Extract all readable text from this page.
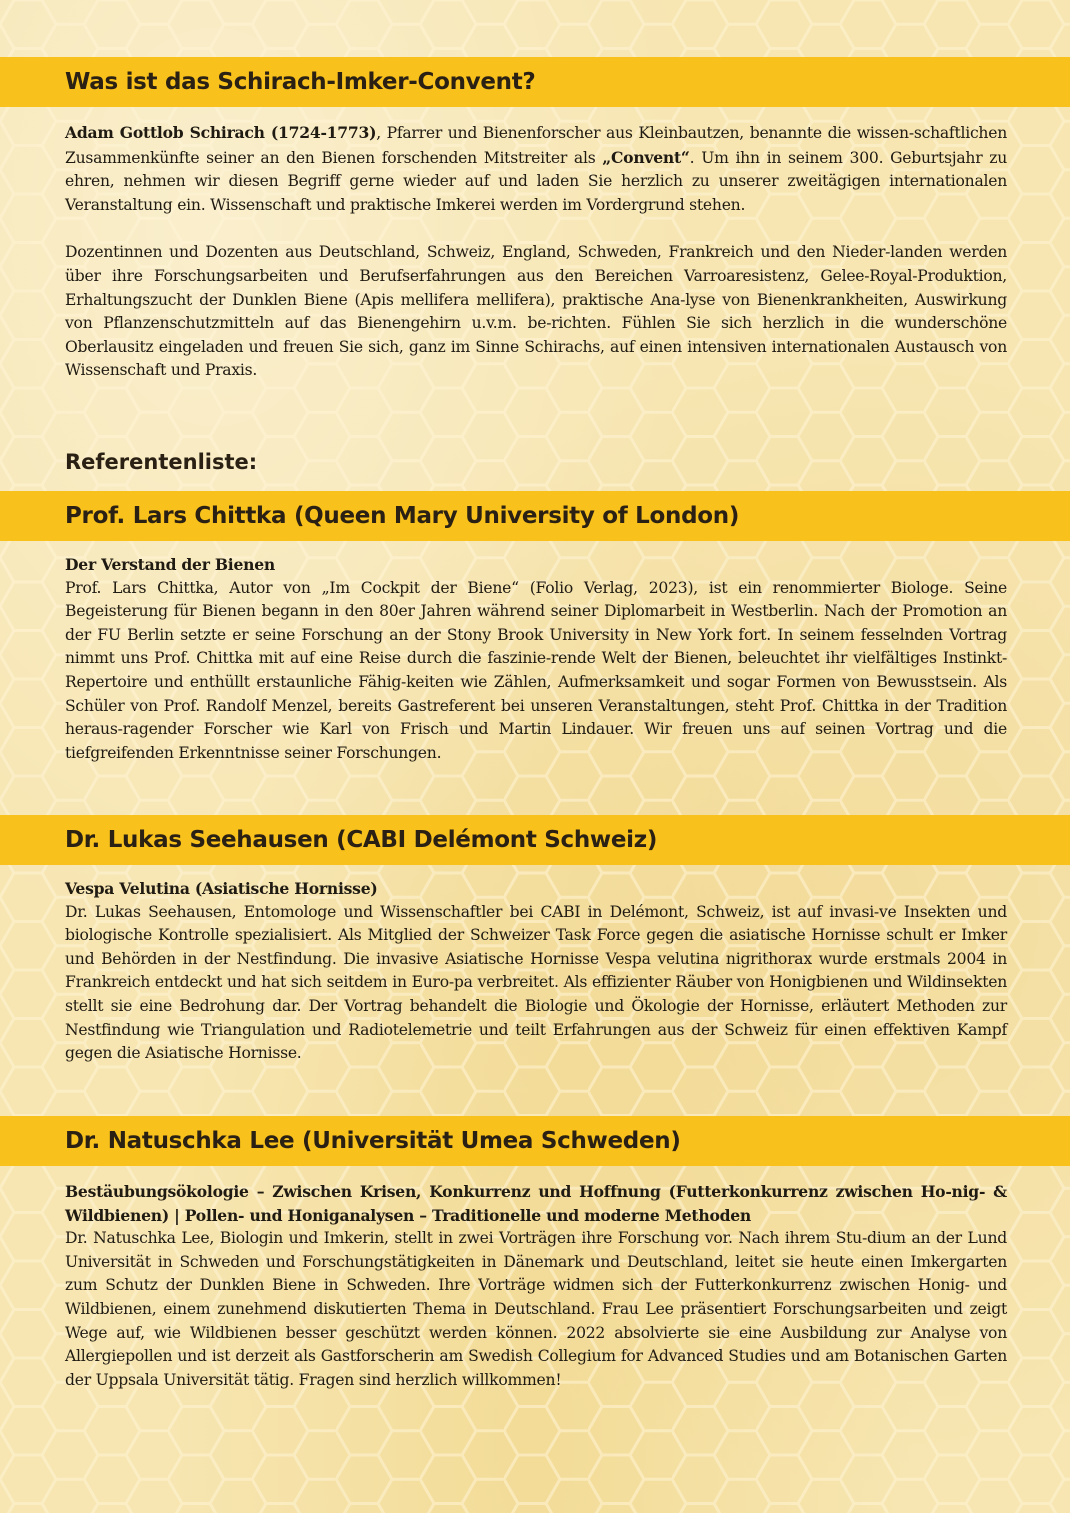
Was ist das Schirach-Imker-Convent?

Adam Gottlob Schirach (1724-1773), Pfarrer und Bienenforscher aus Kleinbautzen, benannte die wissen-schaftlichen Zusammenkünfte seiner an den Bienen forschenden Mitstreiter als „Convent“. Um ihn in seinem 300. Geburtsjahr zu ehren, nehmen wir diesen Begriff gerne wieder auf und laden Sie herzlich zu unserer zweitägigen internationalen Veranstaltung ein. Wissenschaft und praktische Imkerei werden im Vordergrund stehen.

Dozentinnen und Dozenten aus Deutschland, Schweiz, England, Schweden, Frankreich und den Nieder-landen werden über ihre Forschungsarbeiten und Berufserfahrungen aus den Bereichen Varroaresistenz, Gelee-Royal-Produktion, Erhaltungszucht der Dunklen Biene (Apis mellifera mellifera), praktische Ana-lyse von Bienenkrankheiten, Auswirkung von Pflanzenschutzmitteln auf das Bienengehirn u.v.m. be-richten. Fühlen Sie sich herzlich in die wunderschöne Oberlausitz eingeladen und freuen Sie sich, ganz im Sinne Schirachs, auf einen intensiven internationalen Austausch von Wissenschaft und Praxis.

Referentenliste:
Prof. Lars Chittka (Queen Mary University of London)

Der Verstand der Bienen

Prof. Lars Chittka, Autor von „Im Cockpit der Biene“ (Folio Verlag, 2023), ist ein renommierter Biologe. Seine Begeisterung für Bienen begann in den 80er Jahren während seiner Diplomarbeit in Westberlin. Nach der Promotion an der FU Berlin setzte er seine Forschung an der Stony Brook University in New York fort. In seinem fesselnden Vortrag nimmt uns Prof. Chittka mit auf eine Reise durch die faszinie-rende Welt der Bienen, beleuchtet ihr vielfältiges Instinkt-Repertoire und enthüllt erstaunliche Fähig-keiten wie Zählen, Aufmerksamkeit und sogar Formen von Bewusstsein. Als Schüler von Prof. Randolf Menzel, bereits Gastreferent bei unseren Veranstaltungen, steht Prof. Chittka in der Tradition heraus-ragender Forscher wie Karl von Frisch und Martin Lindauer. Wir freuen uns auf seinen Vortrag und die tiefgreifenden Erkenntnisse seiner Forschungen.

Dr. Lukas Seehausen (CABI Delémont Schweiz)

Vespa Velutina (Asiatische Hornisse)

Dr. Lukas Seehausen, Entomologe und Wissenschaftler bei CABI in Delémont, Schweiz, ist auf invasi-ve Insekten und biologische Kontrolle spezialisiert. Als Mitglied der Schweizer Task Force gegen die asiatische Hornisse schult er Imker und Behörden in der Nestfindung. Die invasive Asiatische Hornisse Vespa velutina nigrithorax wurde erstmals 2004 in Frankreich entdeckt und hat sich seitdem in Euro-pa verbreitet. Als effizienter Räuber von Honigbienen und Wildinsekten stellt sie eine Bedrohung dar. Der Vortrag behandelt die Biologie und Ökologie der Hornisse, erläutert Methoden zur Nestfindung wie Triangulation und Radiotelemetrie und teilt Erfahrungen aus der Schweiz für einen effektiven Kampf gegen die Asiatische Hornisse.

Dr. Natuschka Lee (Universität Umea Schweden)

Bestäubungsökologie – Zwischen Krisen, Konkurrenz und Hoffnung (Futterkonkurrenz zwischen Ho-nig- & Wildbienen) | Pollen- und Honiganalysen – Traditionelle und moderne Methoden

Dr. Natuschka Lee, Biologin und Imkerin, stellt in zwei Vorträgen ihre Forschung vor. Nach ihrem Stu-dium an der Lund Universität in Schweden und Forschungstätigkeiten in Dänemark und Deutschland, leitet sie heute einen Imkergarten zum Schutz der Dunklen Biene in Schweden. Ihre Vorträge widmen sich der Futterkonkurrenz zwischen Honig- und Wildbienen, einem zunehmend diskutierten Thema in Deutschland. Frau Lee präsentiert Forschungsarbeiten und zeigt Wege auf, wie Wildbienen besser geschützt werden können. 2022 absolvierte sie eine Ausbildung zur Analyse von Allergiepollen und ist derzeit als Gastforscherin am Swedish Collegium for Advanced Studies und am Botanischen Garten der Uppsala Universität tätig. Fragen sind herzlich willkommen!
